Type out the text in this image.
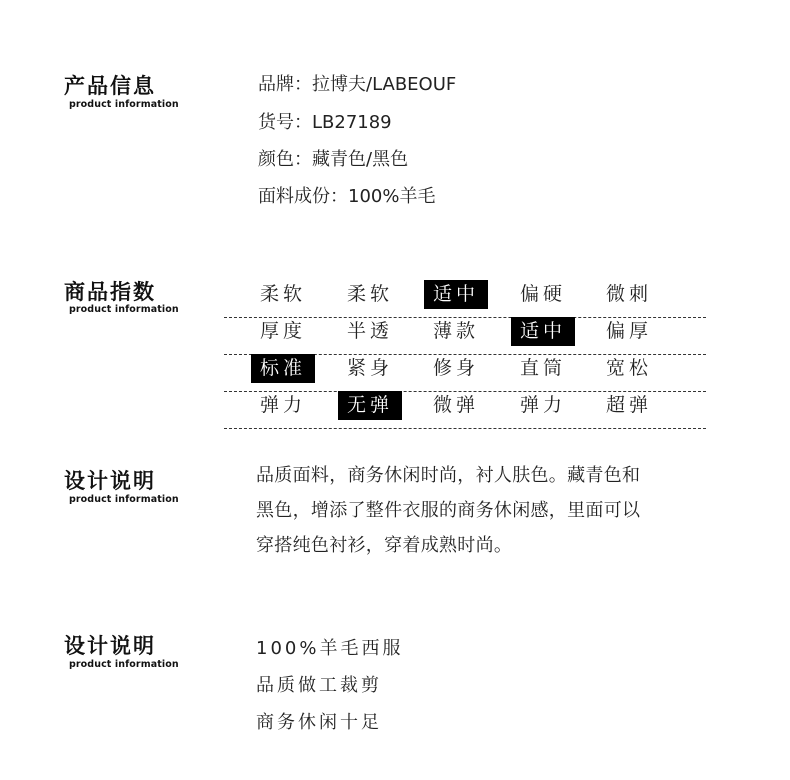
产品信息
product information
品牌：拉博夫/LABEOUF
货号：LB27189
颜色：藏青色/黑色
面料成份：100%羊毛
商品指数
product information
柔软	柔软	适中	偏硬	微刺
厚度	半透	薄款	适中	偏厚
标准	紧身	修身	直筒	宽松
弹力	无弹	微弹	弹力	超弹
设计说明
product information
品质面料，商务休闲时尚，衬人肤色。藏青色和
黑色，增添了整件衣服的商务休闲感，里面可以
穿搭纯色衬衫，穿着成熟时尚。
设计说明
product information
100%羊毛西服
品质做工裁剪
商务休闲十足
